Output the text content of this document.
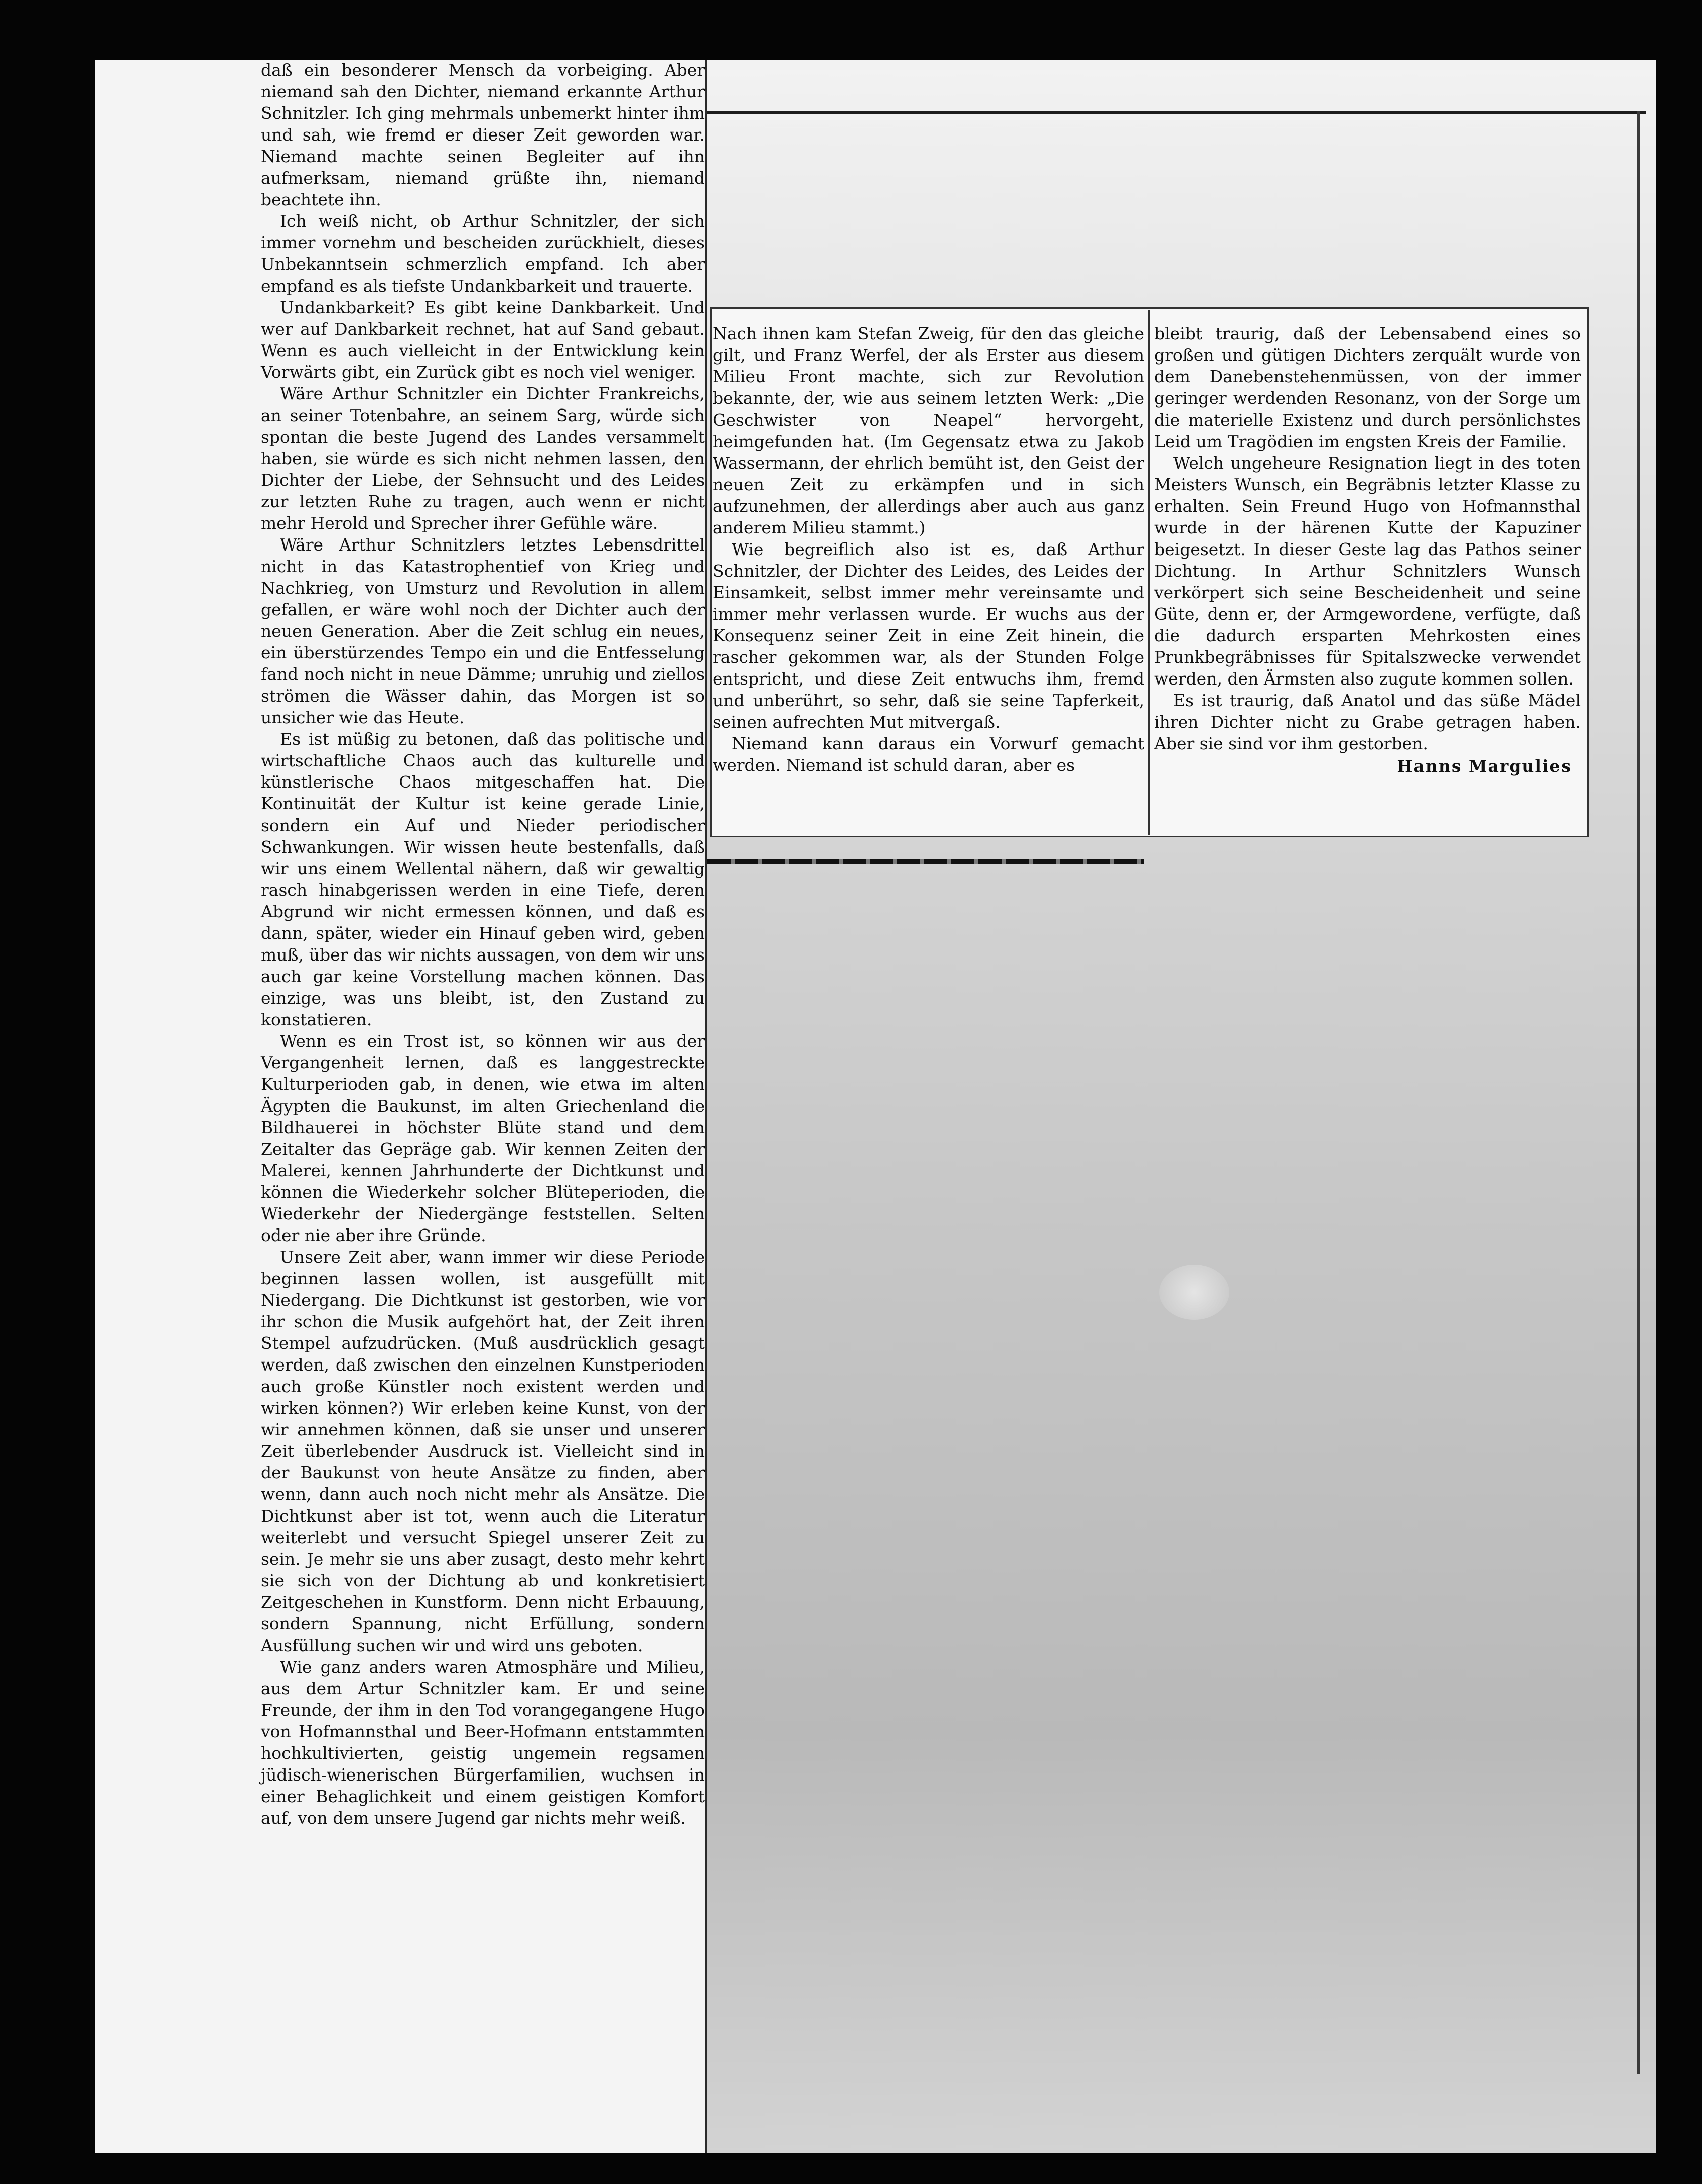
daß ein besonderer Mensch da vorbeiging. Aber niemand sah den Dichter, niemand erkannte Arthur Schnitzler. Ich ging mehrmals unbemerkt hinter ihm und sah, wie fremd er dieser Zeit geworden war. Niemand machte seinen Begleiter auf ihn aufmerksam, niemand grüßte ihn, niemand beachtete ihn.

Ich weiß nicht, ob Arthur Schnitzler, der sich immer vornehm und bescheiden zurückhielt, dieses Unbekanntsein schmerzlich empfand. Ich aber empfand es als tiefste Undankbarkeit und trauerte.

Undankbarkeit? Es gibt keine Dankbarkeit. Und wer auf Dankbarkeit rechnet, hat auf Sand gebaut. Wenn es auch vielleicht in der Entwicklung kein Vorwärts gibt, ein Zurück gibt es noch viel weniger.

Wäre Arthur Schnitzler ein Dichter Frankreichs, an seiner Totenbahre, an seinem Sarg, würde sich spontan die beste Jugend des Landes versammelt haben, sie würde es sich nicht nehmen lassen, den Dichter der Liebe, der Sehnsucht und des Leides zur letzten Ruhe zu tragen, auch wenn er nicht mehr Herold und Sprecher ihrer Gefühle wäre.

Wäre Arthur Schnitzlers letztes Lebensdrittel nicht in das Katastrophentief von Krieg und Nachkrieg, von Umsturz und Revolution in allem gefallen, er wäre wohl noch der Dichter auch der neuen Generation. Aber die Zeit schlug ein neues, ein überstürzendes Tempo ein und die Entfesselung fand noch nicht in neue Dämme; unruhig und ziellos strömen die Wässer dahin, das Morgen ist so unsicher wie das Heute.

Es ist müßig zu betonen, daß das politische und wirtschaftliche Chaos auch das kulturelle und künstlerische Chaos mitgeschaffen hat. Die Kontinuität der Kultur ist keine gerade Linie, sondern ein Auf und Nieder periodischer Schwankungen. Wir wissen heute bestenfalls, daß wir uns einem Wellental nähern, daß wir gewaltig rasch hinabgerissen werden in eine Tiefe, deren Abgrund wir nicht ermessen können, und daß es dann, später, wieder ein Hinauf geben wird, geben muß, über das wir nichts aussagen, von dem wir uns auch gar keine Vorstellung machen können. Das einzige, was uns bleibt, ist, den Zustand zu konstatieren.

Wenn es ein Trost ist, so können wir aus der Vergangenheit lernen, daß es langgestreckte Kulturperioden gab, in denen, wie etwa im alten Ägypten die Baukunst, im alten Griechenland die Bildhauerei in höchster Blüte stand und dem Zeitalter das Gepräge gab. Wir kennen Zeiten der Malerei, kennen Jahrhunderte der Dichtkunst und können die Wiederkehr solcher Blüteperioden, die Wiederkehr der Niedergänge feststellen. Selten oder nie aber ihre Gründe.

Unsere Zeit aber, wann immer wir diese Periode beginnen lassen wollen, ist ausgefüllt mit Niedergang. Die Dichtkunst ist gestorben, wie vor ihr schon die Musik aufgehört hat, der Zeit ihren Stempel aufzudrücken. (Muß ausdrücklich gesagt werden, daß zwischen den einzelnen Kunstperioden auch große Künstler noch existent werden und wirken können?) Wir erleben keine Kunst, von der wir annehmen können, daß sie unser und unserer Zeit überlebender Ausdruck ist. Vielleicht sind in der Baukunst von heute Ansätze zu finden, aber wenn, dann auch noch nicht mehr als Ansätze. Die Dichtkunst aber ist tot, wenn auch die Literatur weiterlebt und versucht Spiegel unserer Zeit zu sein. Je mehr sie uns aber zusagt, desto mehr kehrt sie sich von der Dichtung ab und konkretisiert Zeitgeschehen in Kunstform. Denn nicht Erbauung, sondern Spannung, nicht Erfüllung, sondern Ausfüllung suchen wir und wird uns geboten.

Wie ganz anders waren Atmosphäre und Milieu, aus dem Artur Schnitzler kam. Er und seine Freunde, der ihm in den Tod vorangegangene Hugo von Hofmannsthal und Beer-Hofmann entstammten hochkultivierten, geistig ungemein regsamen jüdisch-wienerischen Bürgerfamilien, wuchsen in einer Behaglichkeit und einem geistigen Komfort auf, von dem unsere Jugend gar nichts mehr weiß.

Nach ihnen kam Stefan Zweig, für den das gleiche gilt, und Franz Werfel, der als Erster aus diesem Milieu Front machte, sich zur Revolution bekannte, der, wie aus seinem letzten Werk: „Die Geschwister von Neapel“ hervorgeht, heimgefunden hat. (Im Gegensatz etwa zu Jakob Wassermann, der ehrlich bemüht ist, den Geist der neuen Zeit zu erkämpfen und in sich aufzunehmen, der allerdings aber auch aus ganz anderem Milieu stammt.)

Wie begreiflich also ist es, daß Arthur Schnitzler, der Dichter des Leides, des Leides der Einsamkeit, selbst immer mehr vereinsamte und immer mehr verlassen wurde. Er wuchs aus der Konsequenz seiner Zeit in eine Zeit hinein, die rascher gekommen war, als der Stunden Folge entspricht, und diese Zeit entwuchs ihm, fremd und unberührt, so sehr, daß sie seine Tapferkeit, seinen aufrechten Mut mitvergaß.

Niemand kann daraus ein Vorwurf gemacht werden. Niemand ist schuld daran, aber es

bleibt traurig, daß der Lebensabend eines so großen und gütigen Dichters zerquält wurde von dem Danebenstehenmüssen, von der immer geringer werdenden Resonanz, von der Sorge um die materielle Existenz und durch persönlichstes Leid um Tragödien im engsten Kreis der Familie.

Welch ungeheure Resignation liegt in des toten Meisters Wunsch, ein Begräbnis letzter Klasse zu erhalten. Sein Freund Hugo von Hofmannsthal wurde in der härenen Kutte der Kapuziner beigesetzt. In dieser Geste lag das Pathos seiner Dichtung. In Arthur Schnitzlers Wunsch verkörpert sich seine Bescheidenheit und seine Güte, denn er, der Armgewordene, verfügte, daß die dadurch ersparten Mehrkosten eines Prunkbegräbnisses für Spitalszwecke verwendet werden, den Ärmsten also zugute kommen sollen.

Es ist traurig, daß Anatol und das süße Mädel ihren Dichter nicht zu Grabe getragen haben. Aber sie sind vor ihm gestorben.

Hanns Margulies
